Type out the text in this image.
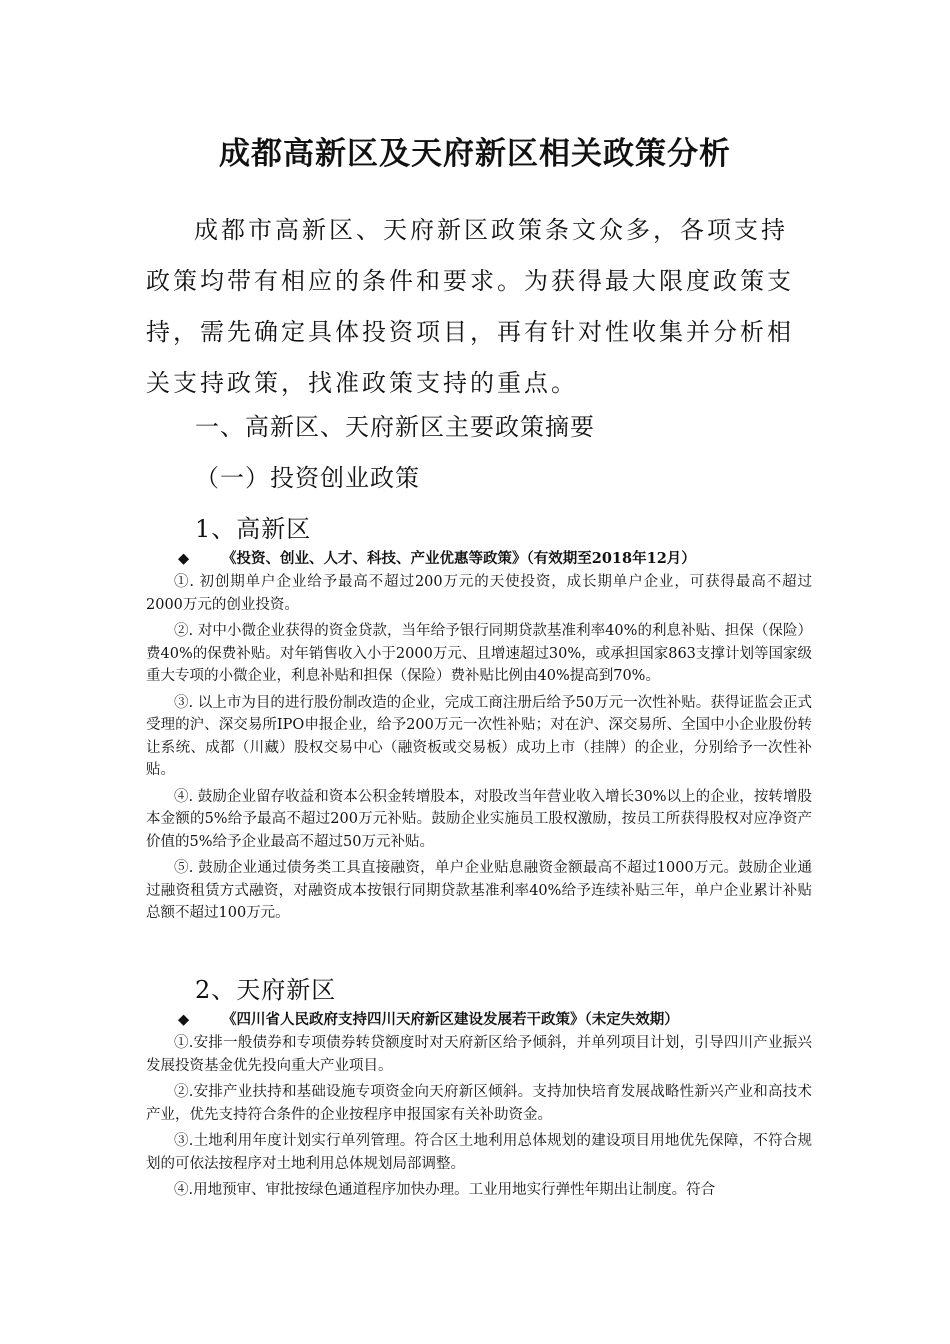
成都高新区及天府新区相关政策分析

成都市高新区、天府新区政策条文众多，各项支持政策均带有相应的条件和要求。为获得最大限度政策支持，需先确定具体投资项目，再有针对性收集并分析相关支持政策，找准政策支持的重点。

一、高新区、天府新区主要政策摘要
（一）投资创业政策
1、高新区

◆ 《投资、创业、人才、科技、产业优惠等政策》（有效期至2018年12月）

①. 初创期单户企业给予最高不超过200万元的天使投资，成长期单户企业，可获得最高不超过2000万元的创业投资。
②. 对中小微企业获得的资金贷款，当年给予银行同期贷款基准利率40%的利息补贴、担保（保险）费40%的保费补贴。对年销售收入小于2000万元、且增速超过30%，或承担国家863支撑计划等国家级重大专项的小微企业，利息补贴和担保（保险）费补贴比例由40%提高到70%。
③. 以上市为目的进行股份制改造的企业，完成工商注册后给予50万元一次性补贴。获得证监会正式受理的沪、深交易所IPO申报企业，给予200万元一次性补贴；对在沪、深交易所、全国中小企业股份转让系统、成都（川藏）股权交易中心（融资板或交易板）成功上市（挂牌）的企业，分别给予一次性补贴。
④. 鼓励企业留存收益和资本公积金转增股本，对股改当年营业收入增长30%以上的企业，按转增股本金额的5%给予最高不超过200万元补贴。鼓励企业实施员工股权激励，按员工所获得股权对应净资产价值的5%给予企业最高不超过50万元补贴。
⑤. 鼓励企业通过债务类工具直接融资，单户企业贴息融资金额最高不超过1000万元。鼓励企业通过融资租赁方式融资，对融资成本按银行同期贷款基准利率40%给予连续补贴三年，单户企业累计补贴总额不超过100万元。
2、天府新区

◆ 《四川省人民政府支持四川天府新区建设发展若干政策》（未定失效期）

①.安排一般债券和专项债券转贷额度时对天府新区给予倾斜，并单列项目计划，引导四川产业振兴发展投资基金优先投向重大产业项目。
②.安排产业扶持和基础设施专项资金向天府新区倾斜。支持加快培育发展战略性新兴产业和高技术产业，优先支持符合条件的企业按程序申报国家有关补助资金。
③.土地利用年度计划实行单列管理。符合区土地利用总体规划的建设项目用地优先保障，不符合规划的可依法按程序对土地利用总体规划局部调整。
④.用地预审、审批按绿色通道程序加快办理。工业用地实行弹性年期出让制度。符合
